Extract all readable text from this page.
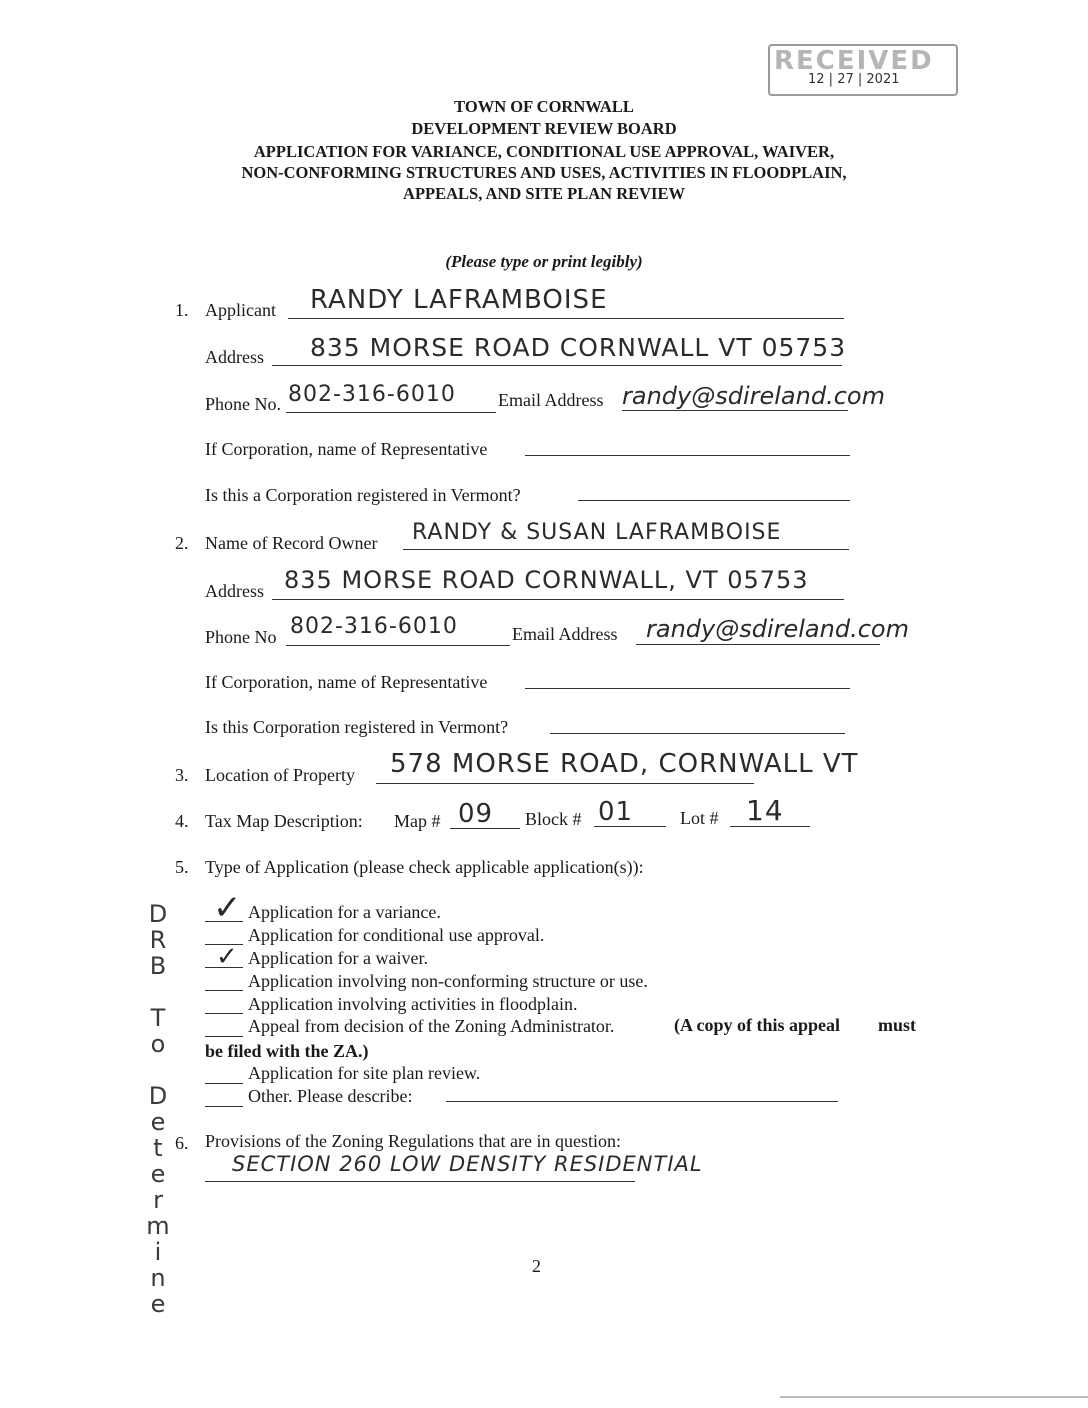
RECEIVED
12 | 27 | 2021
TOWN OF CORNWALL
DEVELOPMENT REVIEW BOARD
APPLICATION FOR VARIANCE, CONDITIONAL USE APPROVAL, WAIVER,
NON-CONFORMING STRUCTURES AND USES, ACTIVITIES IN FLOODPLAIN,
APPEALS, AND SITE PLAN REVIEW
(Please type or print legibly)
1. Applicant RANDY LAFRAMBOISE
Address 835 MORSE ROAD CORNWALL VT 05753
Phone No. 802-316-6010 Email Address randy@sdireland.com
If Corporation, name of Representative
Is this a Corporation registered in Vermont?
2. Name of Record Owner RANDY & SUSAN LAFRAMBOISE
Address 835 MORSE ROAD CORNWALL, VT 05753
Phone No 802-316-6010	Email Address randy@sdireland.com
If Corporation, name of Representative
Is this Corporation registered in Vermont?
3. Location of Property 578 MORSE ROAD, CORNWALL VT
4. Tax Map Description: Map # 09 Block # 01	Lot # 14
5. Type of Application (please check applicable application(s)):
DRB To Determine ✓ Application for a variance.
Application for conditional use approval.
✓ Application for a waiver.
Application involving non-conforming structure or use.
Application involving activities in floodplain.
Appeal from decision of the Zoning Administrator.	(A copy of this appeal must
be filed with the ZA.)
Application for site plan review.
Other. Please describe:
6. Provisions of the Zoning Regulations that are in question:
SECTION 260 LOW DENSITY RESIDENTIAL
2
